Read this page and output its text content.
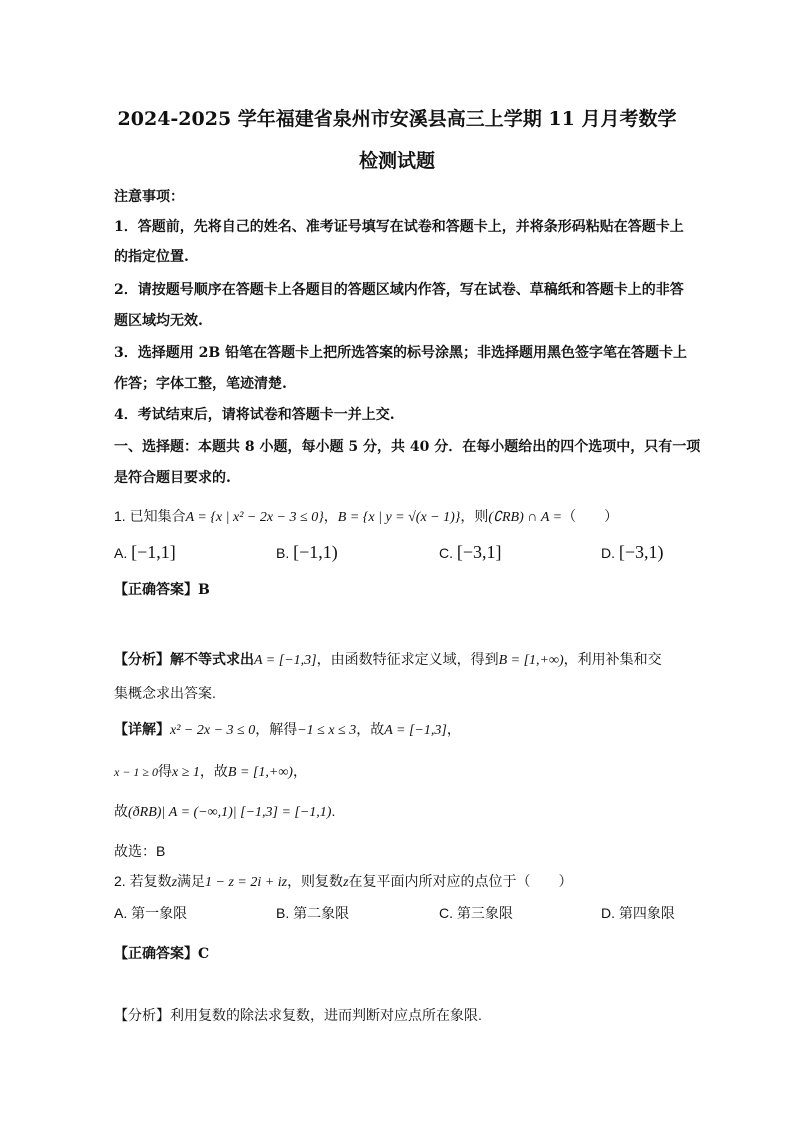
2024-2025 学年福建省泉州市安溪县高三上学期 11 月月考数学
检测试题
注意事项：
1．答题前，先将自己的姓名、准考证号填写在试卷和答题卡上，并将条形码粘贴在答题卡上
的指定位置.
2．请按题号顺序在答题卡上各题目的答题区域内作答，写在试卷、草稿纸和答题卡上的非答
题区域均无效.
3．选择题用 2B 铅笔在答题卡上把所选答案的标号涂黑；非选择题用黑色签字笔在答题卡上
作答；字体工整，笔迹清楚.
4．考试结束后，请将试卷和答题卡一并上交.
一、选择题：本题共 8 小题，每小题 5 分，共 40 分．在每小题给出的四个选项中，只有一项
是符合题目要求的.
1. 已知集合A = {x | x² − 2x − 3 ≤ 0}，B = {x | y = √(x − 1)}，则(∁RB) ∩ A =（　　）
A. [−1,1]	B. [−1,1)	C. [−3,1]	D. [−3,1)
【正确答案】B
【分析】解不等式求出A = [−1,3]，由函数特征求定义域，得到B = [1,+∞)，利用补集和交
集概念求出答案.
【详解】x² − 2x − 3 ≤ 0，解得−1 ≤ x ≤ 3，故A = [−1,3]，
x − 1 ≥ 0得x ≥ 1，故B = [1,+∞)，
故(ðRB)| A = (−∞,1)| [−1,3] = [−1,1).
故选：B
2. 若复数z满足1 − z = 2i + iz，则复数z在复平面内所对应的点位于（　　）
A. 第一象限	B. 第二象限	C. 第三象限	D. 第四象限
【正确答案】C
【分析】利用复数的除法求复数，进而判断对应点所在象限.
